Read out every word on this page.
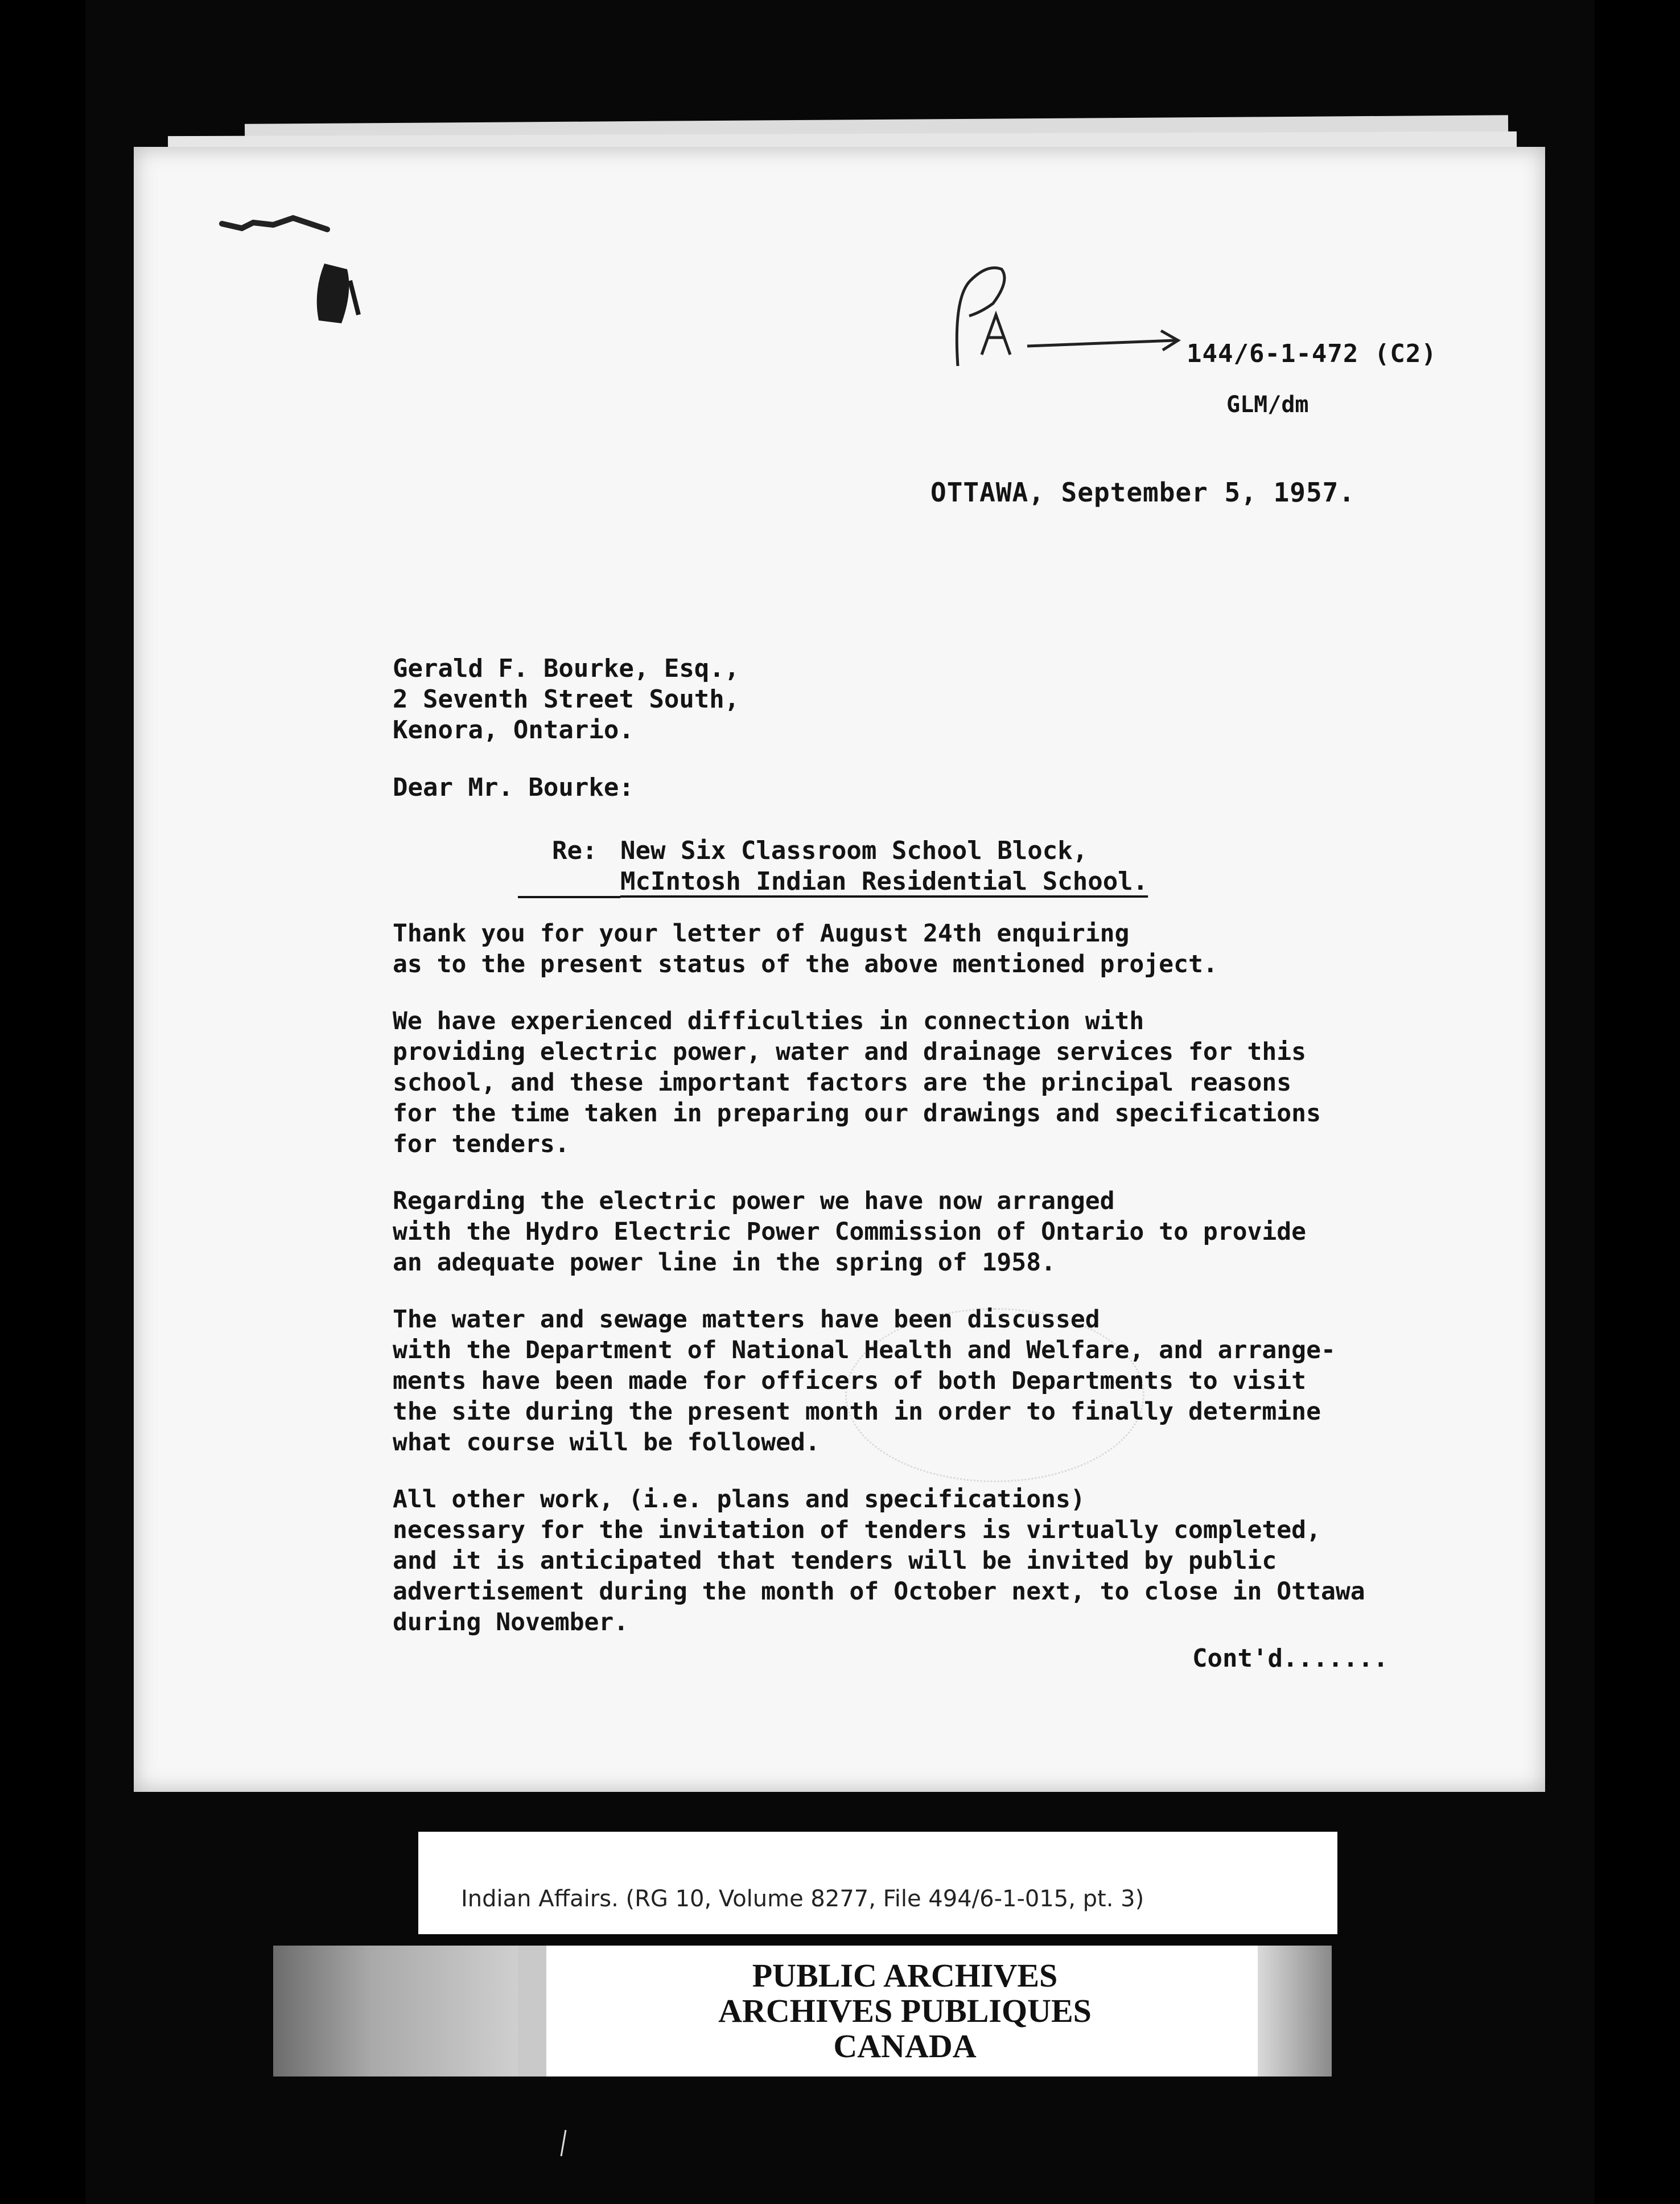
144/6-1-472 (C2)
GLM/dm
OTTAWA, September 5, 1957.
Gerald F. Bourke, Esq.,
2 Seventh Street South,
Kenora, Ontario.
Dear Mr. Bourke:
Re: New Six Classroom School Block,
McIntosh Indian Residential School.

Thank you for your letter of August 24th enquiring
as to the present status of the above mentioned project.

We have experienced difficulties in connection with
providing electric power, water and drainage services for this
school, and these important factors are the principal reasons
for the time taken in preparing our drawings and specifications
for tenders.

Regarding the electric power we have now arranged
with the Hydro Electric Power Commission of Ontario to provide
an adequate power line in the spring of 1958.

The water and sewage matters have been discussed
with the Department of National Health and Welfare, and arrange-
ments have been made for officers of both Departments to visit
the site during the present month in order to finally determine
what course will be followed.

All other work, (i.e. plans and specifications)
necessary for the invitation of tenders is virtually completed,
and it is anticipated that tenders will be invited by public
advertisement during the month of October next, to close in Ottawa
during November.

Cont'd.......
Indian Affairs. (RG 10, Volume 8277, File 494/6-1-015, pt. 3)
PUBLIC ARCHIVES
ARCHIVES PUBLIQUES
CANADA
